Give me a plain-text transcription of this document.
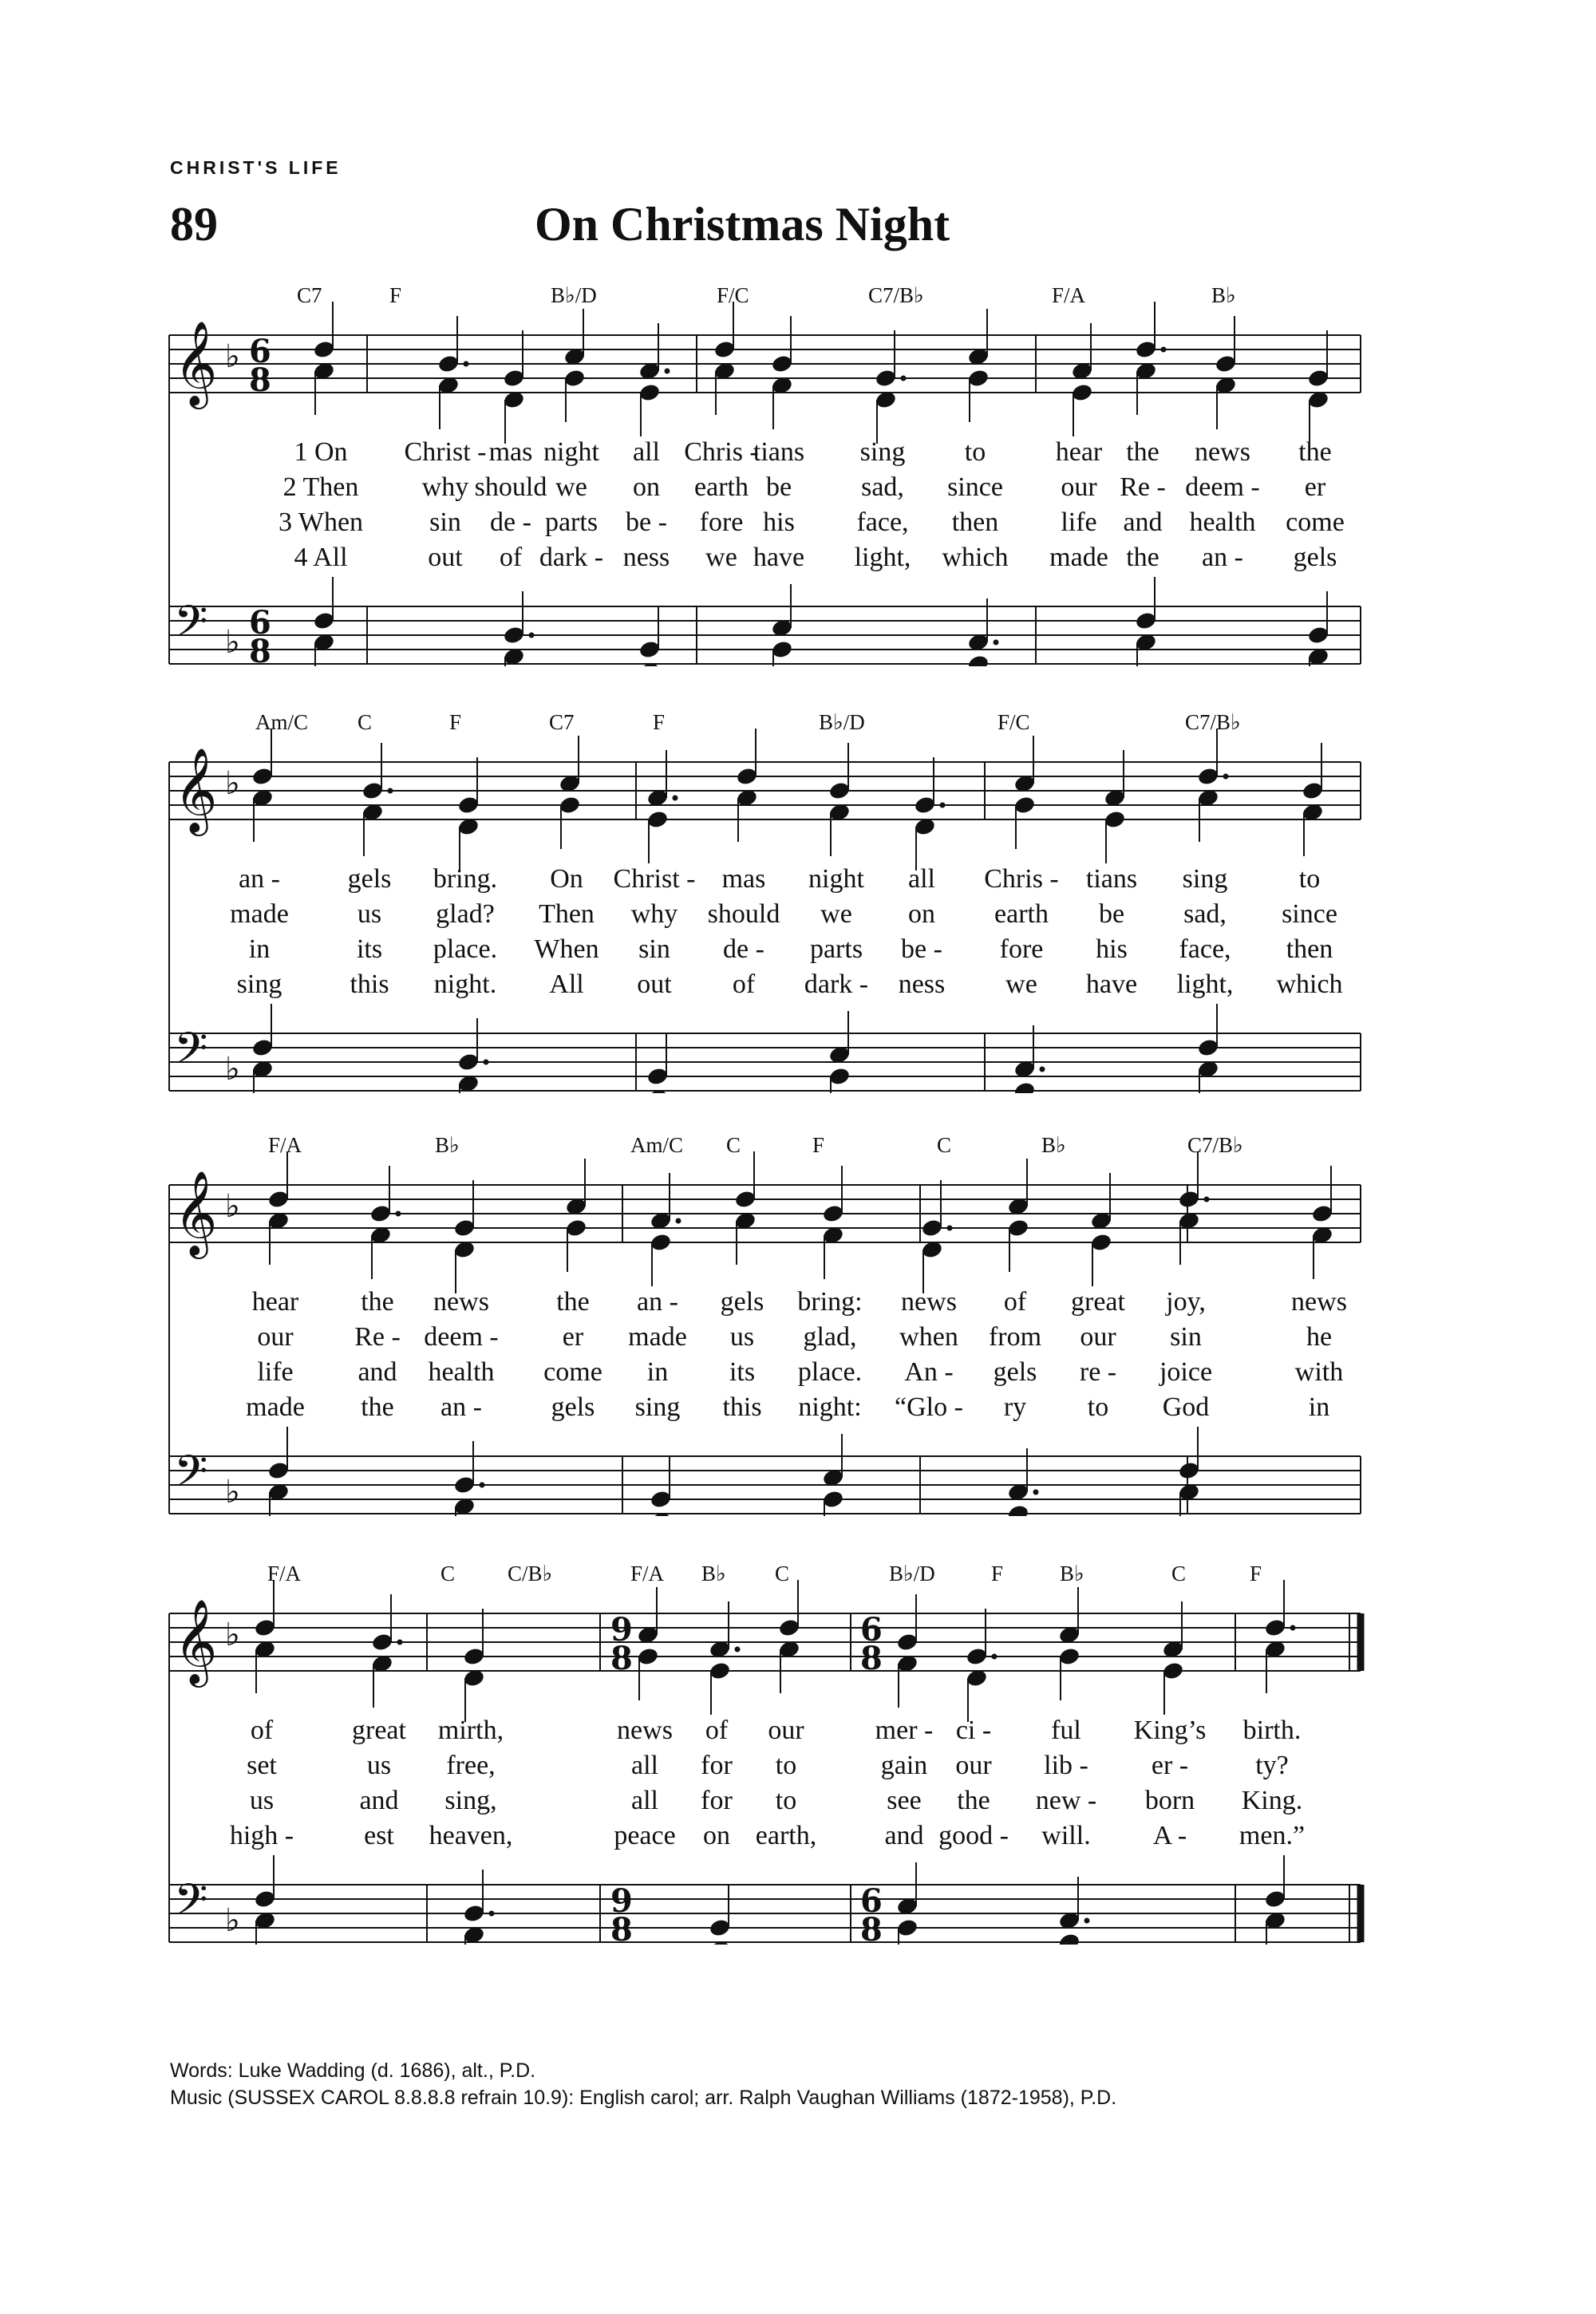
CHRIST'S LIFE
89	On Christmas Night
𝄞 ♭ 6
8
𝄢 ♭
6
8
C7	F	B♭/D	F/C	C7/B♭	F/A	B♭
1 On Christ - mas night all Chris -
tians sing to	hear the news the
2 Then why should we on earth be	sad, since our Re - deem - er
3 When sin de - parts be - fore his face, then life and health come
4 All	out of dark - ness we have light, which made the an - gels
𝄞 ♭
𝄢 ♭
Am/C C	F	C7	F	B♭/D	F/C	C7/B♭
an - gels bring. On Christ - mas night all Chris - tians sing	to
made	us glad? Then why should we on earth be sad, since
in	its place. When sin de - parts be - fore his face, then
sing	this night. All out of dark - ness we have light, which
𝄞 ♭
𝄢 ♭
F/A	B♭	Am/C C	F	C	B♭	C7/B♭
hear the news the an - gels bring: news of great joy,	news
our Re - deem - er made us glad, when from our sin	he
life and health come in its place. An - gels re - joice	with
made the an -	gels sing this night: “Glo - ry to God	in
𝄞 ♭	9
8
6
8
𝄢 ♭
9
8
6
8
F/A	C C/B♭	F/A B♭ C	B♭/D	F	B♭	C	F
of	great mirth,	news of our	mer - ci - ful King’s birth.
set	us free,	all for to	gain our lib - er - ty?
us	and sing,	all for to	see the new - born King.
high -	est heaven,	peace on earth,	and good - will. A - men.”
Words: Luke Wadding (d. 1686), alt., P.D.
Music (SUSSEX CAROL 8.8.8.8 refrain 10.9): English carol; arr. Ralph Vaughan Williams (1872-1958), P.D.
